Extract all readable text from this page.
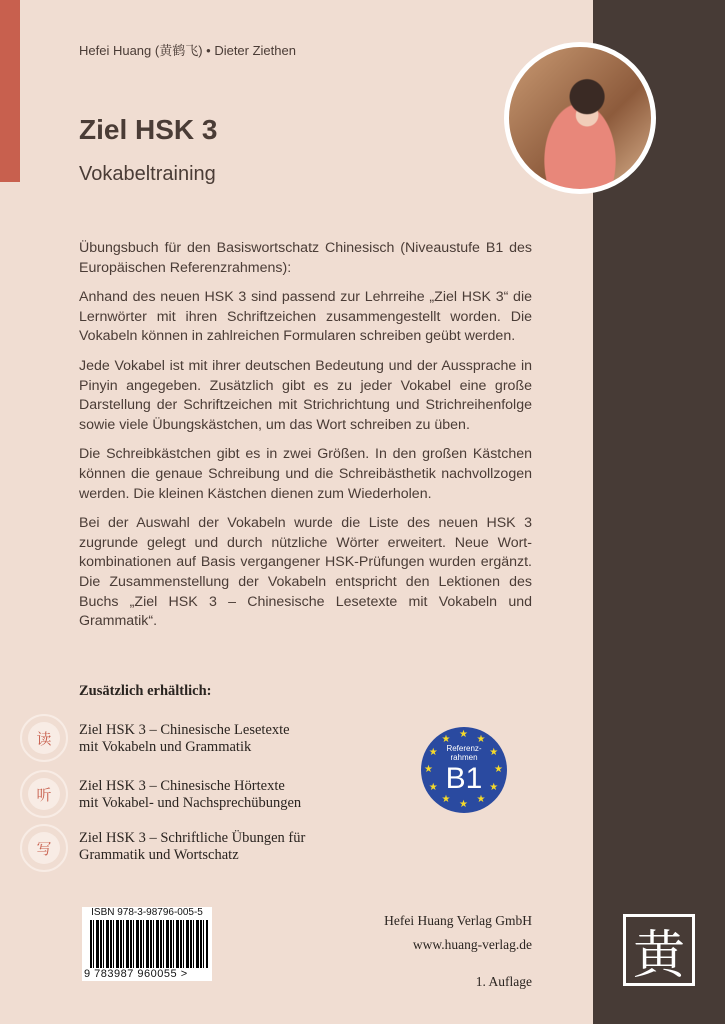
Hefei Huang (黄鹤飞) • Dieter Ziethen
Ziel HSK 3
Vokabeltraining

Übungsbuch für den Basiswortschatz Chinesisch (Niveaustufe B1 des Europäischen Referenzrahmens):

Anhand des neuen HSK 3 sind passend zur Lehrreihe „Ziel HSK 3“ die Lernwörter mit ihren Schriftzeichen zusammengestellt worden. Die Vokabeln können in zahlreichen Formularen schreiben geübt werden.

Jede Vokabel ist mit ihrer deutschen Bedeutung und der Aussprache in Pinyin angegeben. Zusätzlich gibt es zu jeder Vokabel eine große Darstellung der Schriftzeichen mit Strichrichtung und Strichreihenfolge sowie viele Übungskästchen, um das Wort schreiben zu üben.

Die Schreibkästchen gibt es in zwei Größen. In den großen Kästchen können die genaue Schreibung und die Schreibästhetik nachvollzogen werden. Die kleinen Kästchen dienen zum Wiederholen.

Bei der Auswahl der Vokabeln wurde die Liste des neuen HSK 3 zugrunde gelegt und durch nützliche Wörter erweitert. Neue Wortkombinationen auf Basis vergangener HSK-Prüfungen wurden ergänzt. Die Zusammenstellung der Vokabeln entspricht den Lektionen des Buchs „Ziel HSK 3 – Chinesische Lesetexte mit Vokabeln und Grammatik“.

Zusätzlich erhältlich:
读
Ziel HSK 3 – Chinesische Lesetexte
mit Vokabeln und Grammatik
听
Ziel HSK 3 – Chinesische Hörtexte
mit Vokabel- und Nachsprechübungen
写
Ziel HSK 3 – Schriftliche Übungen für
Grammatik und Wortschatz
Referenz-
rahmen
B1
★ ★
★
★
★
★
★
★
★
★
★
★
ISBN 978-3-98796-005-5
9 783987 960055 >
Hefei Huang Verlag GmbH
www.huang-verlag.de
1. Auflage 黄
